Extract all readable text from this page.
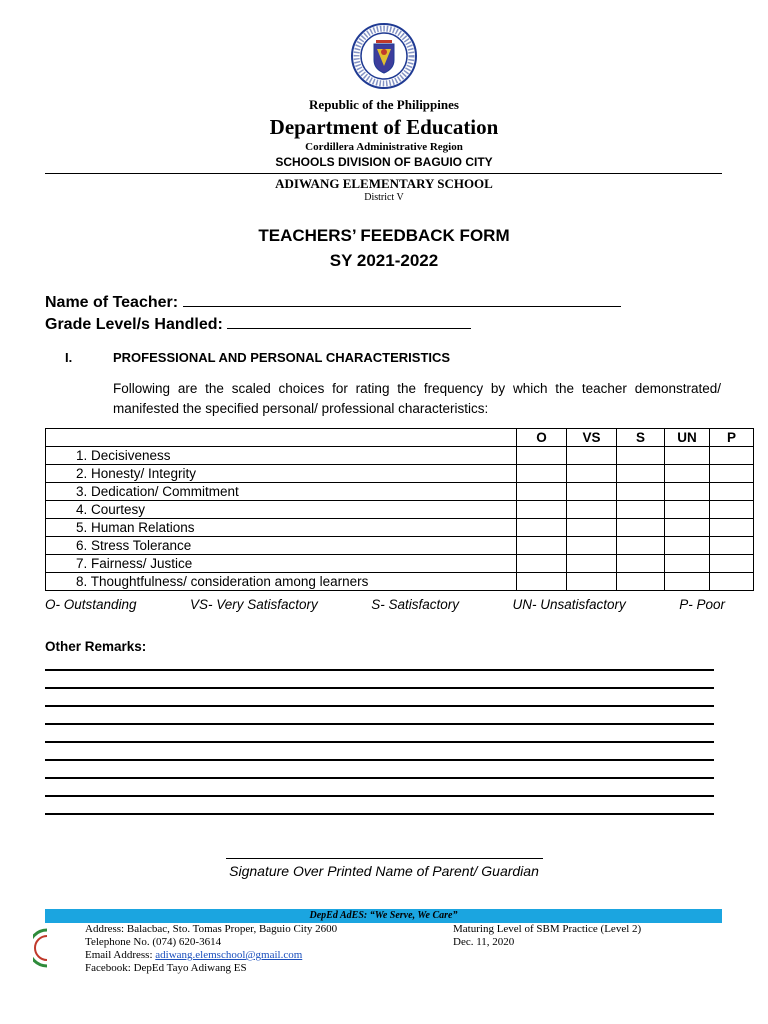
Republic of the Philippines
Department of Education
Cordillera Administrative Region
SCHOOLS DIVISION OF BAGUIO CITY
ADIWANG ELEMENTARY SCHOOL
District V
TEACHERS’ FEEDBACK FORM
SY 2021-2022
Name of Teacher:
Grade Level/s Handled:
I.	PROFESSIONAL AND PERSONAL CHARACTERISTICS
Following are the scaled choices for rating the frequency by which the teacher demonstrated/ manifested the specified personal/ professional characteristics:
	O	VS	S	UN	P
1. Decisiveness					
2. Honesty/ Integrity					
3. Dedication/ Commitment					
4. Courtesy					
5. Human Relations					
6. Stress Tolerance					
7. Fairness/ Justice					
8. Thoughtfulness/ consideration among learners					
O- Outstanding	VS- Very Satisfactory	S- Satisfactory	UN- Unsatisfactory	P- Poor
Other Remarks:
Signature Over Printed Name of Parent/ Guardian
DepEd AdES: “We Serve, We Care”
Address: Balacbac, Sto. Tomas Proper, Baguio City 2600
Telephone No. (074) 620-3614
Email Address: adiwang.elemschool@gmail.com
Facebook: DepEd Tayo Adiwang ES
Maturing Level of SBM Practice (Level 2)
Dec. 11, 2020
